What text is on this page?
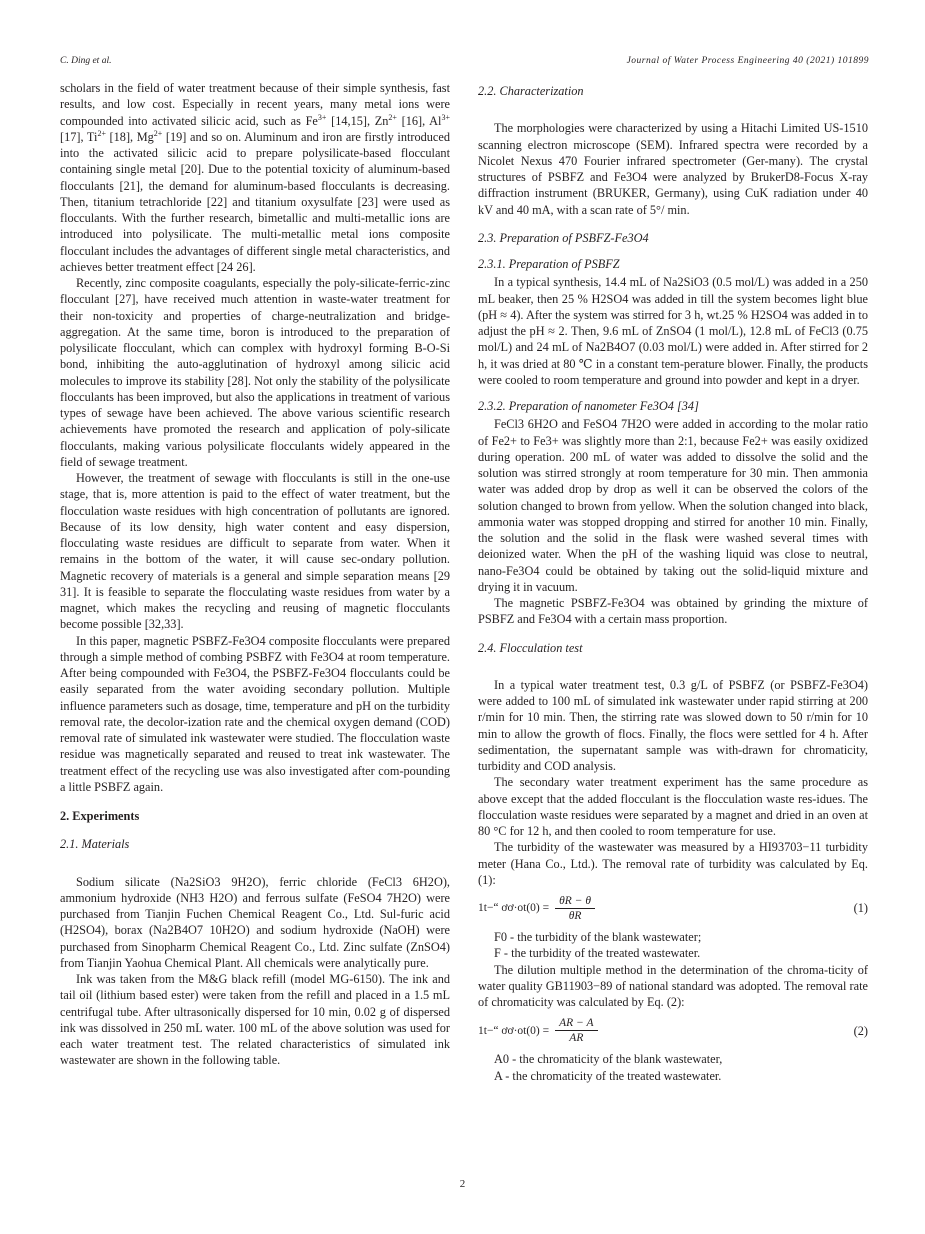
C. Ding et al.	Journal of Water Process Engineering 40 (2021) 101899

scholars in the field of water treatment because of their simple synthesis, fast results, and low cost. Especially in recent years, many metal ions were compounded into activated silicic acid, such as $Fe^{3+}$ [14,15], $Zn^{2+}$ [16], $Al^{3+}$ [17], $Ti^{2+}$ [18], $Mg^{2+}$ [19] and so on. Aluminum and iron are firstly introduced into the activated silicic acid to prepare polysilicate-based flocculant containing single metal [20]. Due to the potential toxicity of aluminum-based flocculants [21], the demand for aluminum-based flocculants is decreasing. Then, titanium tetrachloride [22] and titanium oxysulfate [23] were used as flocculants. With the further research, bimetallic and multi-metallic ions are introduced into polysilicate. The multi-metallic metal ions composite flocculant includes the advantages of different single metal characteristics, and achieves better treatment effect [24 26].

Recently, zinc composite coagulants, especially the poly-silicate-ferric-zinc flocculant [27], have received much attention in waste-water treatment for their non-toxicity and properties of charge-neutralization and bridge-aggregation. At the same time, boron is introduced to the preparation of polysilicate flocculant, which can complex with hydroxyl forming B-O-Si bond, inhibiting the auto-agglutination of hydroxyl among silicic acid molecules to improve its stability [28]. Not only the stability of the polysilicate flocculants has been improved, but also the applications in treatment of various types of sewage have been achieved. The above various scientific research achievements have promoted the research and application of poly-silicate flocculants, making various polysilicate flocculants widely appeared in the field of sewage treatment.

However, the treatment of sewage with flocculants is still in the one-use stage, that is, more attention is paid to the effect of water treatment, but the flocculation waste residues with high concentration of pollutants are ignored. Because of its low density, high water content and easy dispersion, flocculating waste residues are difficult to separate from water. When it remains in the bottom of the water, it will cause sec-ondary pollution. Magnetic recovery of materials is a general and simple separation means [29 31]. It is feasible to separate the flocculating waste residues from water by a magnet, which makes the recycling and reusing of magnetic flocculants become possible [32,33].

In this paper, magnetic PSBFZ-Fe3O4 composite flocculants were prepared through a simple method of combing PSBFZ with Fe3O4 at room temperature. After being compounded with Fe3O4, the PSBFZ-Fe3O4 flocculants could be easily separated from the water avoiding secondary pollution. Multiple influence parameters such as dosage, time, temperature and pH on the turbidity removal rate, the decolor-ization rate and the chemical oxygen demand (COD) removal rate of simulated ink wastewater were studied. The flocculation waste residue was magnetically separated and reused to treat ink wastewater. The treatment effect of the recycling use was also investigated after com-pounding a little PSBFZ again.

2. Experiments
2.1. Materials

Sodium silicate (Na2SiO3 9H2O), ferric chloride (FeCl3 6H2O), ammonium hydroxide (NH3 H2O) and ferrous sulfate (FeSO4 7H2O) were purchased from Tianjin Fuchen Chemical Reagent Co., Ltd. Sul-furic acid (H2SO4), borax (Na2B4O7 10H2O) and sodium hydroxide (NaOH) were purchased from Sinopharm Chemical Reagent Co., Ltd. Zinc sulfate (ZnSO4) from Tianjin Yaohua Chemical Plant. All chemicals were analytically pure.

Ink was taken from the M&G black refill (model MG-6150). The ink and tail oil (lithium based ester) were taken from the refill and placed in a 1.5 mL centrifugal tube. After ultrasonically dispersed for 10 min, 0.02 g of dispersed ink was dissolved in 250 mL water. 100 mL of the above solution was used for each water treatment test. The related characteristics of simulated ink wastewater are shown in the following table.

2.2. Characterization

The morphologies were characterized by using a Hitachi Limited US-1510 scanning electron microscope (SEM). Infrared spectra were recorded by a Nicolet Nexus 470 Fourier infrared spectrometer (Ger-many). The crystal structures of PSBFZ and Fe3O4 were analyzed by BrukerD8-Focus X-ray diffraction instrument (BRUKER, Germany), using CuK radiation under 40 kV and 40 mA, with a scan rate of 5°/ min.

2.3. Preparation of PSBFZ-Fe3O4
2.3.1. Preparation of PSBFZ

In a typical synthesis, 14.4 mL of Na2SiO3 (0.5 mol/L) was added in a 250 mL beaker, then 25 % H2SO4 was added in till the system becomes light blue (pH ≈ 4). After the system was stirred for 3 h, wt.25 % H2SO4 was added in to adjust the pH ≈ 2. Then, 9.6 mL of ZnSO4 (1 mol/L), 12.8 mL of FeCl3 (0.75 mol/L) and 24 mL of Na2B4O7 (0.03 mol/L) were added in. After stirred for 2 h, it was dried at 80 ℃ in a constant tem-perature blower. Finally, the products were cooled to room temperature and ground into powder and kept in a dryer.

2.3.2. Preparation of nanometer Fe3O4 [34]

FeCl3 6H2O and FeSO4 7H2O were added in according to the molar ratio of Fe2+ to Fe3+ was slightly more than 2:1, because Fe2+ was easily oxidized during operation. 200 mL of water was added to dissolve the solid and the solution was stirred strongly at room temperature for 30 min. Then ammonia water was added drop by drop as well it can be observed the colors of the solution changed to brown from yellow. When the solution changed into black, ammonia water was stopped dropping and stirred for another 10 min. Finally, the solution and the solid in the flask were washed several times with deionized water. When the pH of the washing liquid was close to neutral, nano-Fe3O4 could be obtained by taking out the solid-liquid mixture and drying it in vacuum.

The magnetic PSBFZ-Fe3O4 was obtained by grinding the mixture of PSBFZ and Fe3O4 with a certain mass proportion.

2.4. Flocculation test

In a typical water treatment test, 0.3 g/L of PSBFZ (or PSBFZ-Fe3O4) were added to 100 mL of simulated ink wastewater under rapid stirring at 200 r/min for 10 min. Then, the stirring rate was slowed down to 50 r/min for 10 min to allow the growth of flocs. Finally, the flocs were settled for 4 h. After sedimentation, the supernatant sample was with-drawn for chromaticity, turbidity and COD analysis.

The secondary water treatment experiment has the same procedure as above except that the added flocculant is the flocculation waste res-idues. The flocculation waste residues were separated by a magnet and dried in an oven at 80 °C for 12 h, and then cooled to room temperature for use.

The turbidity of the wastewater was measured by a HI93703−11 turbidity meter (Hana Co., Ltd.). The removal rate of turbidity was calculated by Eq. (1):

1t−“ ơơ·ot(0) = $\frac{\theta R - \theta}{\theta R}$	(1)

F0 - the turbidity of the blank wastewater;

F - the turbidity of the treated wastewater.

The dilution multiple method in the determination of the chroma-ticity of water quality GB11903−89 of national standard was adopted. The removal rate of chromaticity was calculated by Eq. (2):

1t−“ ơơ·ot(0) = $\frac{AR - A}{AR}$	(2)

A0 - the chromaticity of the blank wastewater,

A - the chromaticity of the treated wastewater.

2
